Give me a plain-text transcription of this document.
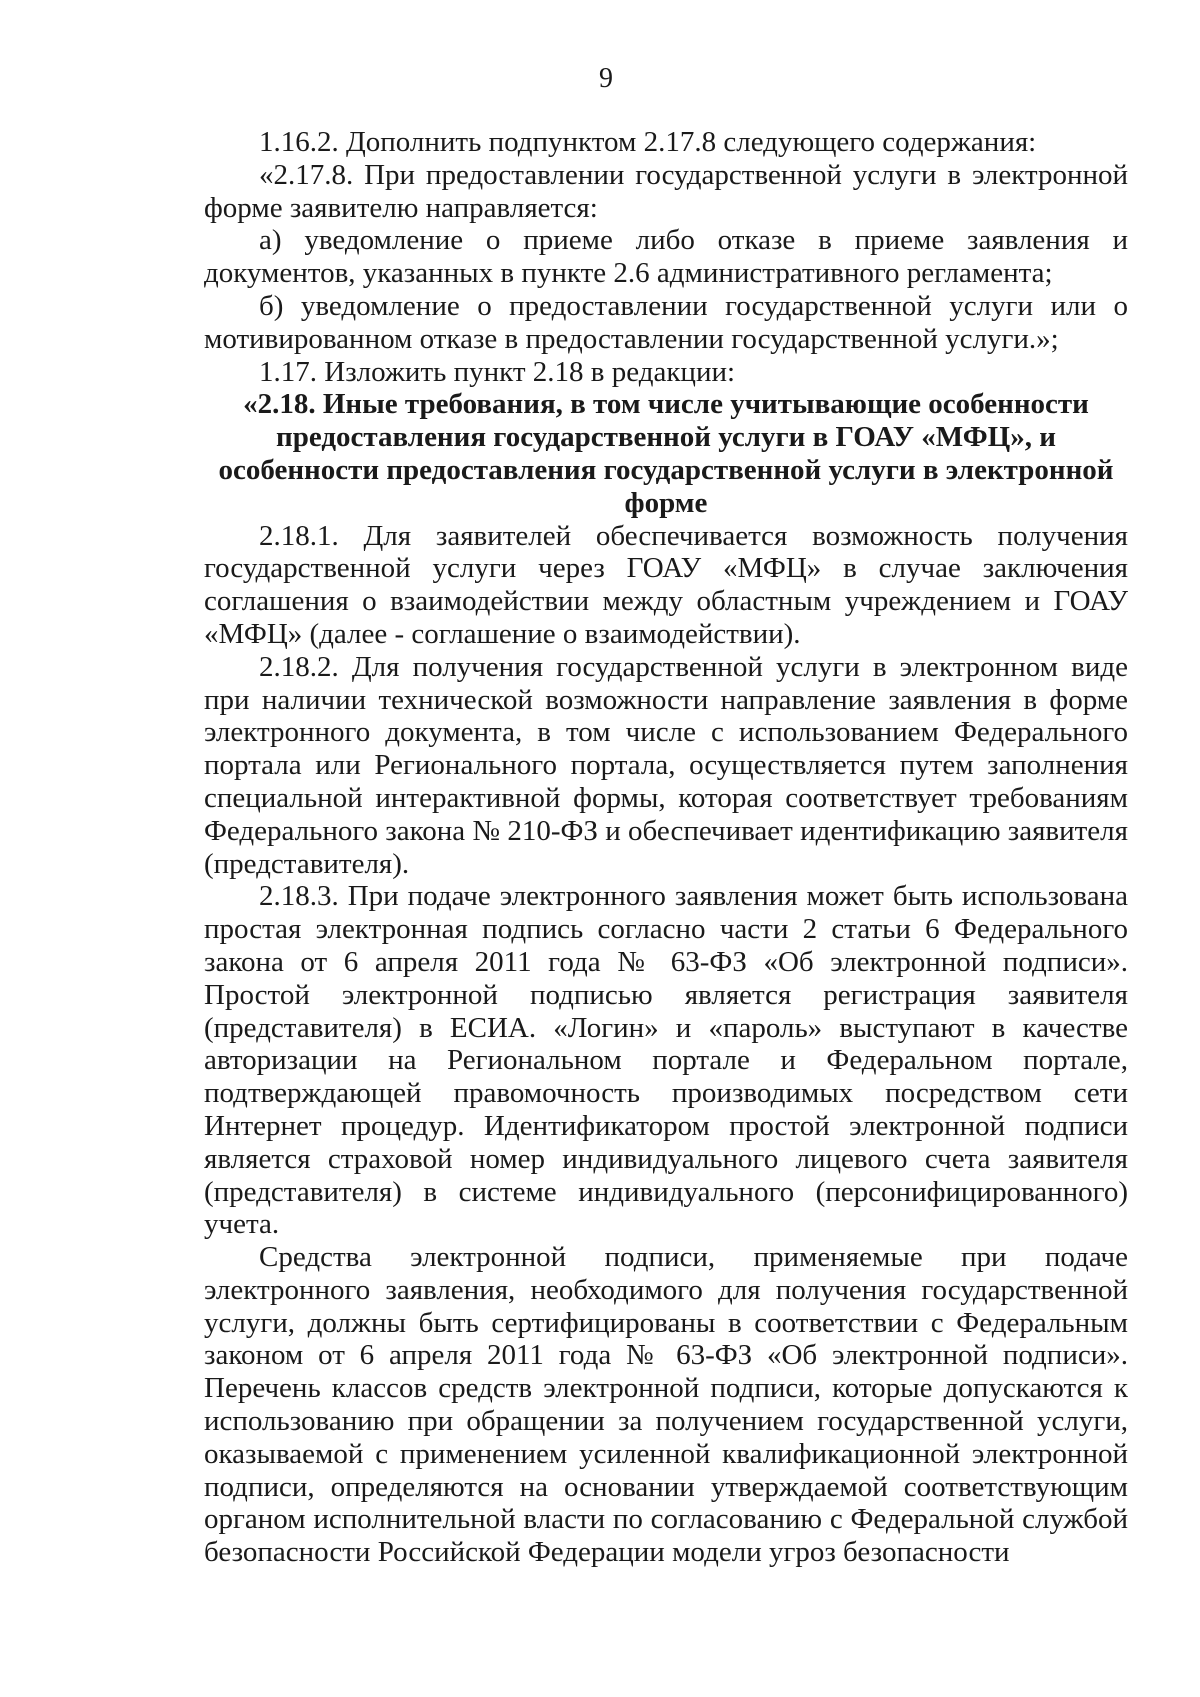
9

1.16.2. Дополнить подпунктом 2.17.8 следующего содержания:

«2.17.8. При предоставлении государственной услуги в электронной форме заявителю направляется:

а) уведомление о приеме либо отказе в приеме заявления и документов, указанных в пункте 2.6 административного регламента;

б) уведомление о предоставлении государственной услуги или о мотивированном отказе в предоставлении государственной услуги.»;

1.17. Изложить пункт 2.18 в редакции:

«2.18. Иные требования, в том числе учитывающие особенности
предоставления государственной услуги в ГОАУ «МФЦ», и
особенности предоставления государственной услуги в электронной
форме

2.18.1. Для заявителей обеспечивается возможность получения государственной услуги через ГОАУ «МФЦ» в случае заключения соглашения о взаимодействии между областным учреждением и ГОАУ «МФЦ» (далее - соглашение о взаимодействии).

2.18.2. Для получения государственной услуги в электронном виде при наличии технической возможности направление заявления в форме электронного документа, в том числе с использованием Федерального портала или Регионального портала, осуществляется путем заполнения специальной интерактивной формы, которая соответствует требованиям Федерального закона № 210-ФЗ и обеспечивает идентификацию заявителя (представителя).

2.18.3. При подаче электронного заявления может быть использована простая электронная подпись согласно части 2 статьи 6 Федерального закона от 6 апреля 2011 года № 63-ФЗ «Об электронной подписи». Простой электронной подписью является регистрация заявителя (представителя) в ЕСИА. «Логин» и «пароль» выступают в качестве авторизации на Региональном портале и Федеральном портале, подтверждающей правомочность производимых посредством сети Интернет процедур. Идентификатором простой электронной подписи является страховой номер индивидуального лицевого счета заявителя (представителя) в системе индивидуального (персонифицированного) учета.

Средства электронной подписи, применяемые при подаче электронного заявления, необходимого для получения государственной услуги, должны быть сертифицированы в соответствии с Федеральным законом от 6 апреля 2011 года № 63-ФЗ «Об электронной подписи». Перечень классов средств электронной подписи, которые допускаются к использованию при обращении за получением государственной услуги, оказываемой с применением усиленной квалификационной электронной подписи, определяются на основании утверждаемой соответствующим органом исполнительной власти по согласованию с Федеральной службой безопасности Российской Федерации модели угроз безопасности
